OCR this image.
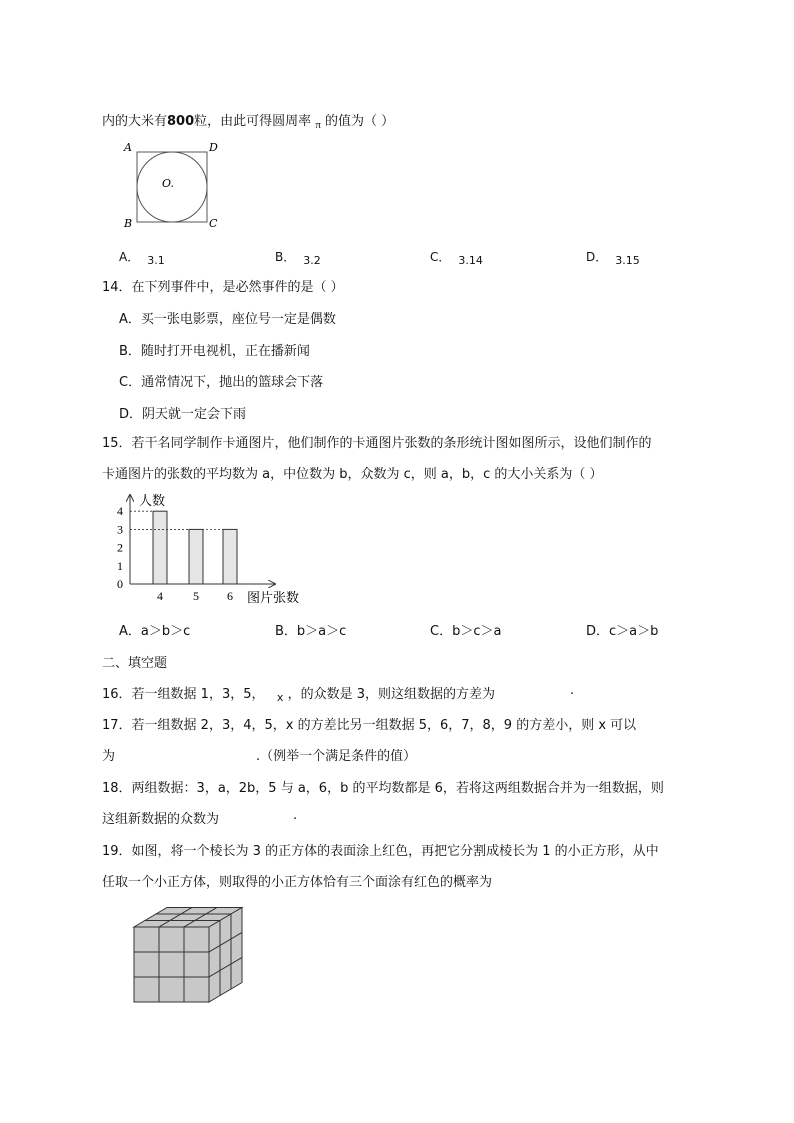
内的大米有800粒，由此可得圆周率 $_\pi$ 的值为（ ）
A	D
B	C
O.
A． 3.1	B． 3.2	C． 3.14	D． 3.15
14．在下列事件中，是必然事件的是（ ）
A．买一张电影票，座位号一定是偶数
B．随时打开电视机，正在播新闻
C．通常情况下，抛出的篮球会下落
D．阴天就一定会下雨
15．若干名同学制作卡通图片，他们制作的卡通图片张数的条形统计图如图所示，设他们制作的
卡通图片的张数的平均数为 a，中位数为 b，众数为 c，则 a，b，c 的大小关系为（ ）
人数
图片张数
0
1
2
3
4
4	5 6
A．a＞b＞c	B．b＞a＞c	C．b＞c＞a	D．c＞a＞b
二、填空题
16．若一组数据 1，3，5， $_x$ ，的众数是 3，则这组数据的方差为	.
17．若一组数据 2，3，4，5，x 的方差比另一组数据 5，6，7，8，9 的方差小，则 x 可以
为	.（例举一个满足条件的值）
18．两组数据：3，a，2b，5 与 a，6，b 的平均数都是 6，若将这两组数据合并为一组数据，则
这组新数据的众数为	.
19．如图，将一个棱长为 3 的正方体的表面涂上红色，再把它分割成棱长为 1 的小正方形，从中
任取一个小正方体，则取得的小正方体恰有三个面涂有红色的概率为
